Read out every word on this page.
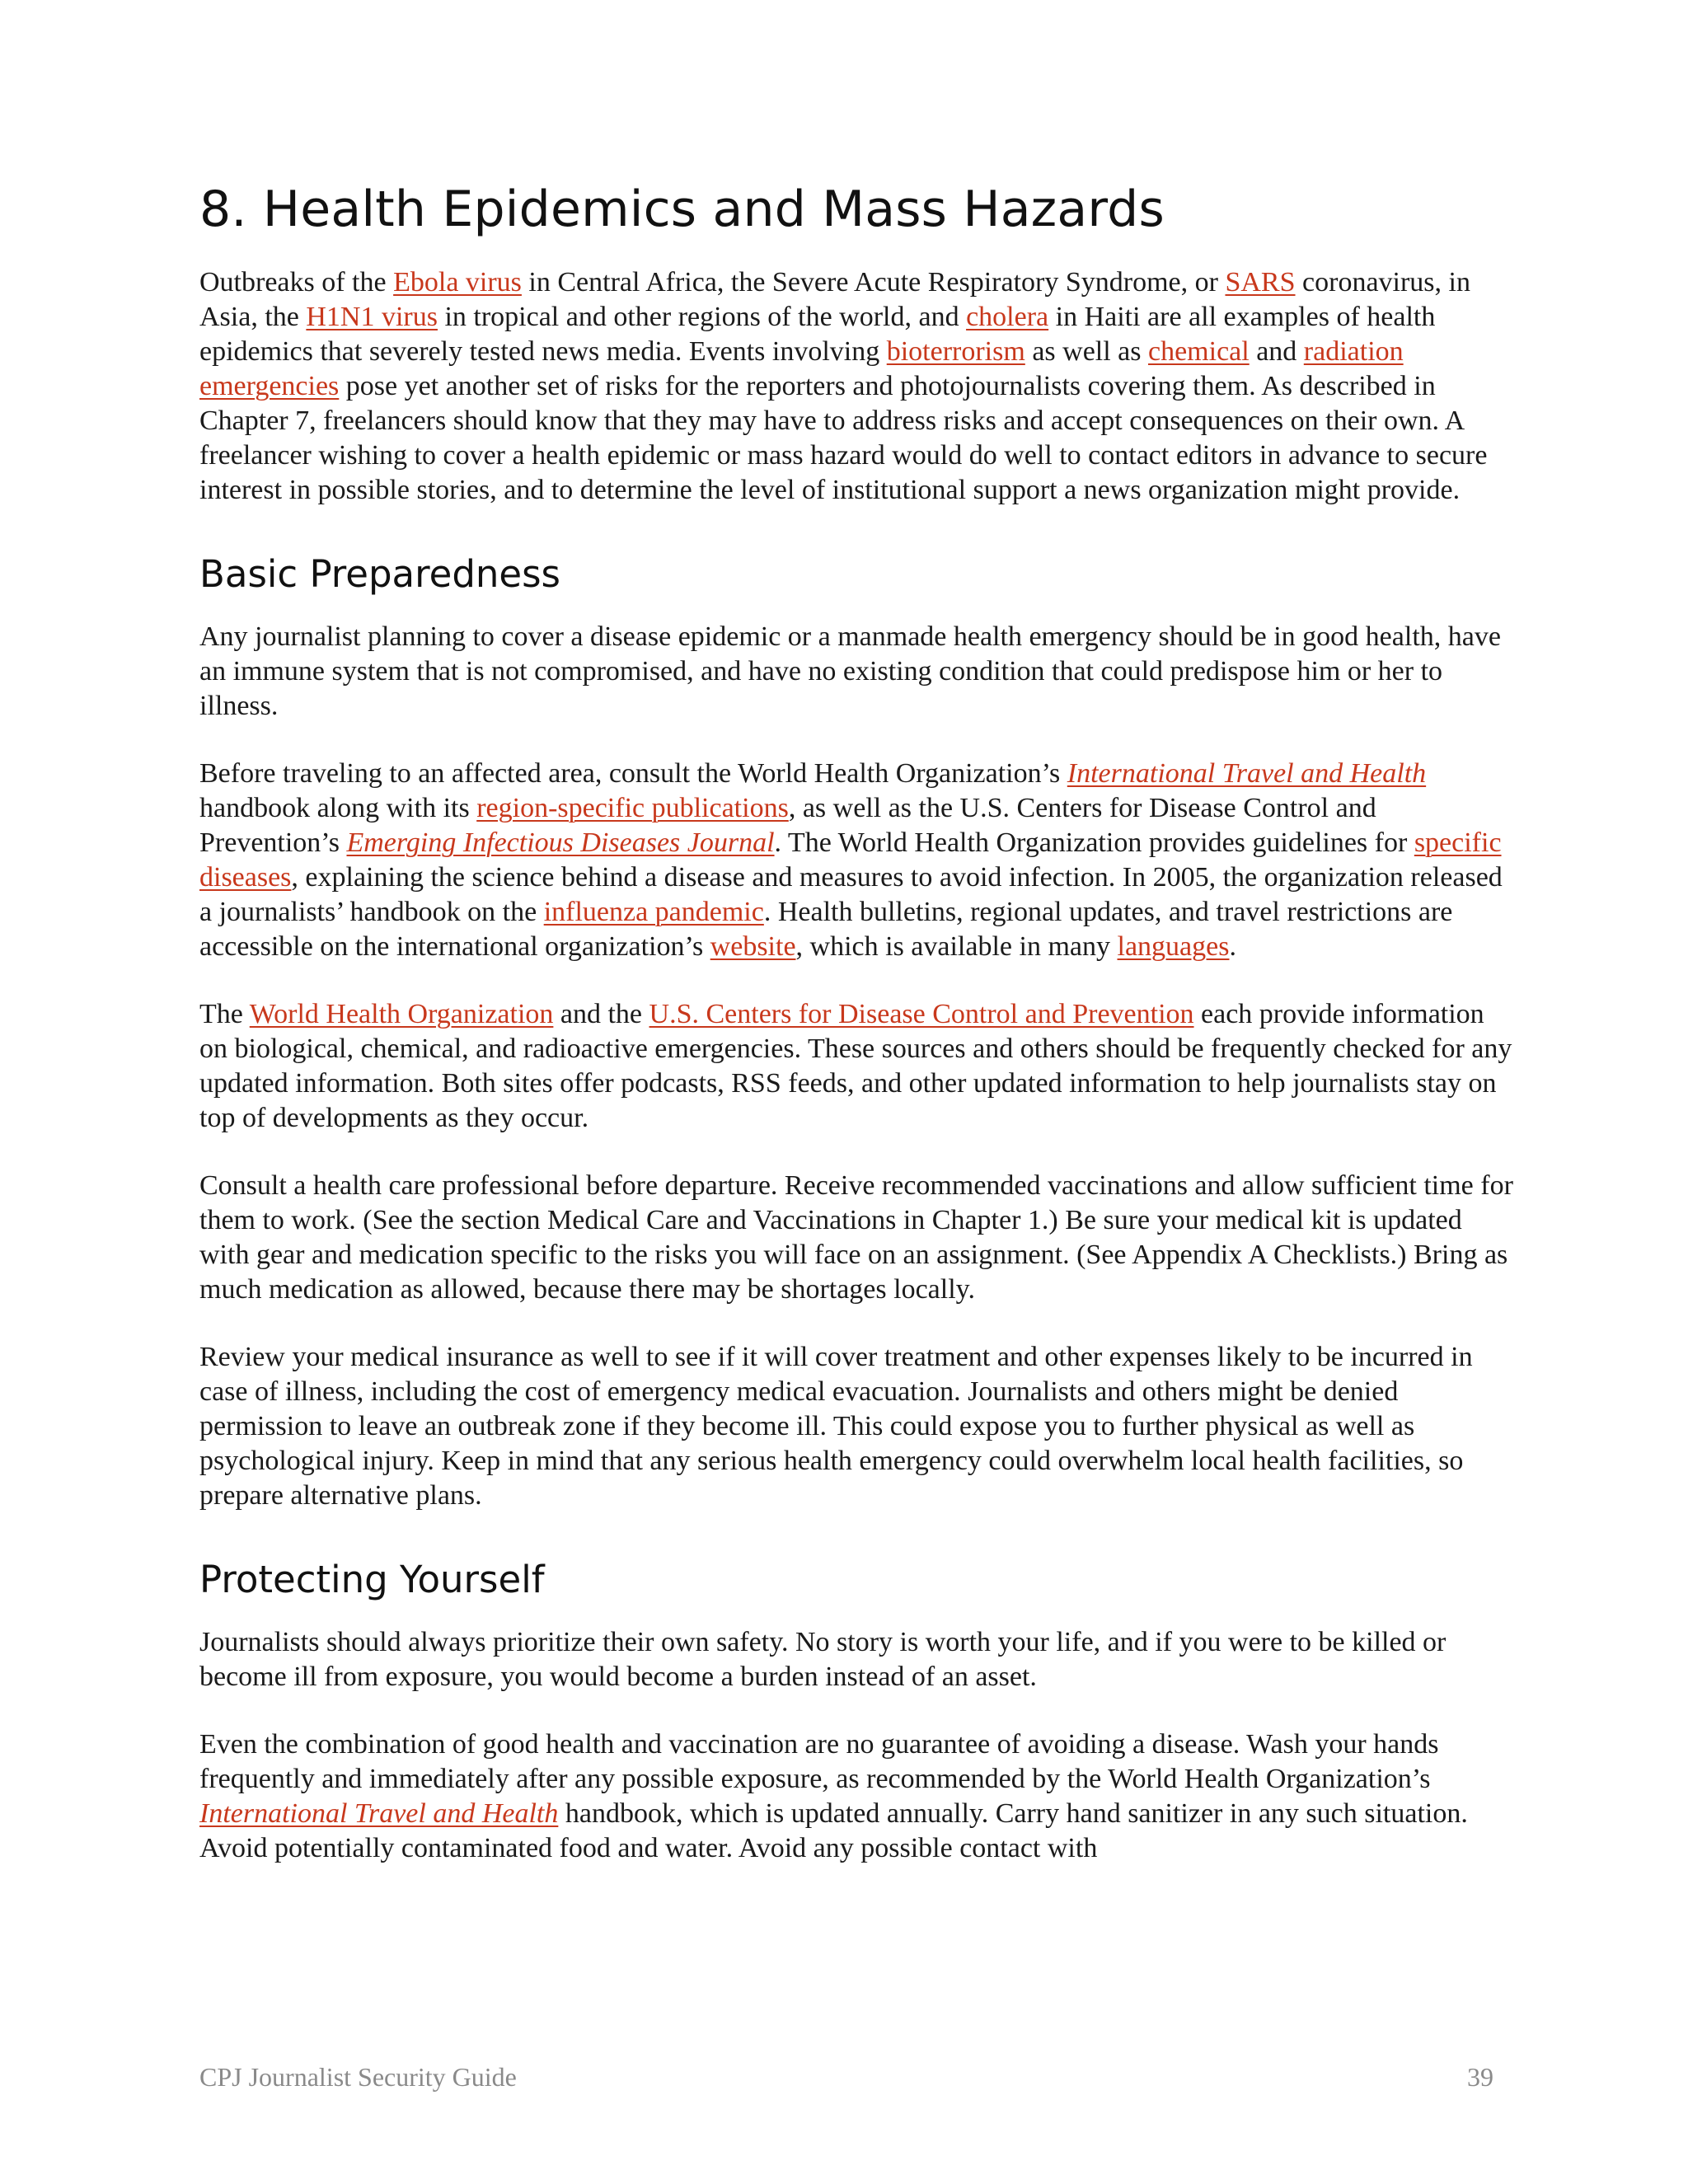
8. Health Epidemics and Mass Hazards

Outbreaks of the Ebola virus in Central Africa, the Severe Acute Respiratory Syndrome, or SARS coronavirus, in Asia, the H1N1 virus in tropical and other regions of the world, and cholera in Haiti are all examples of health epidemics that severely tested news media. Events involving bioterrorism as well as chemical and radiation emergencies pose yet another set of risks for the reporters and photojournalists covering them. As described in Chapter 7, freelancers should know that they may have to address risks and accept consequences on their own. A freelancer wishing to cover a health epidemic or mass hazard would do well to contact editors in advance to secure interest in possible stories, and to determine the level of institutional support a news organization might provide.

Basic Preparedness

Any journalist planning to cover a disease epidemic or a manmade health emergency should be in good health, have an immune system that is not compromised, and have no existing condition that could predispose him or her to illness.

Before traveling to an affected area, consult the World Health Organization’s International Travel and Health handbook along with its region-specific publications, as well as the U.S. Centers for Disease Control and Prevention’s Emerging Infectious Diseases Journal. The World Health Organization provides guidelines for specific diseases, explaining the science behind a disease and measures to avoid infection. In 2005, the organization released a journalists’ handbook on the influenza pandemic. Health bulletins, regional updates, and travel restrictions are accessible on the international organization’s website, which is available in many languages.

The World Health Organization and the U.S. Centers for Disease Control and Prevention each provide information on biological, chemical, and radioactive emergencies. These sources and others should be frequently checked for any updated information. Both sites offer podcasts, RSS feeds, and other updated information to help journalists stay on top of developments as they occur.

Consult a health care professional before departure. Receive recommended vaccinations and allow sufficient time for them to work. (See the section Medical Care and Vaccinations in Chapter 1.) Be sure your medical kit is updated with gear and medication specific to the risks you will face on an assignment. (See Appendix A Checklists.) Bring as much medication as allowed, because there may be shortages locally.

Review your medical insurance as well to see if it will cover treatment and other expenses likely to be incurred in case of illness, including the cost of emergency medical evacuation. Journalists and others might be denied permission to leave an outbreak zone if they become ill. This could expose you to further physical as well as psychological injury. Keep in mind that any serious health emergency could overwhelm local health facilities, so prepare alternative plans.

Protecting Yourself

Journalists should always prioritize their own safety. No story is worth your life, and if you were to be killed or become ill from exposure, you would become a burden instead of an asset.

Even the combination of good health and vaccination are no guarantee of avoiding a disease. Wash your hands frequently and immediately after any possible exposure, as recommended by the World Health Organization’s International Travel and Health handbook, which is updated annually. Carry hand sanitizer in any such situation. Avoid potentially contaminated food and water. Avoid any possible contact with

CPJ Journalist Security Guide	39
